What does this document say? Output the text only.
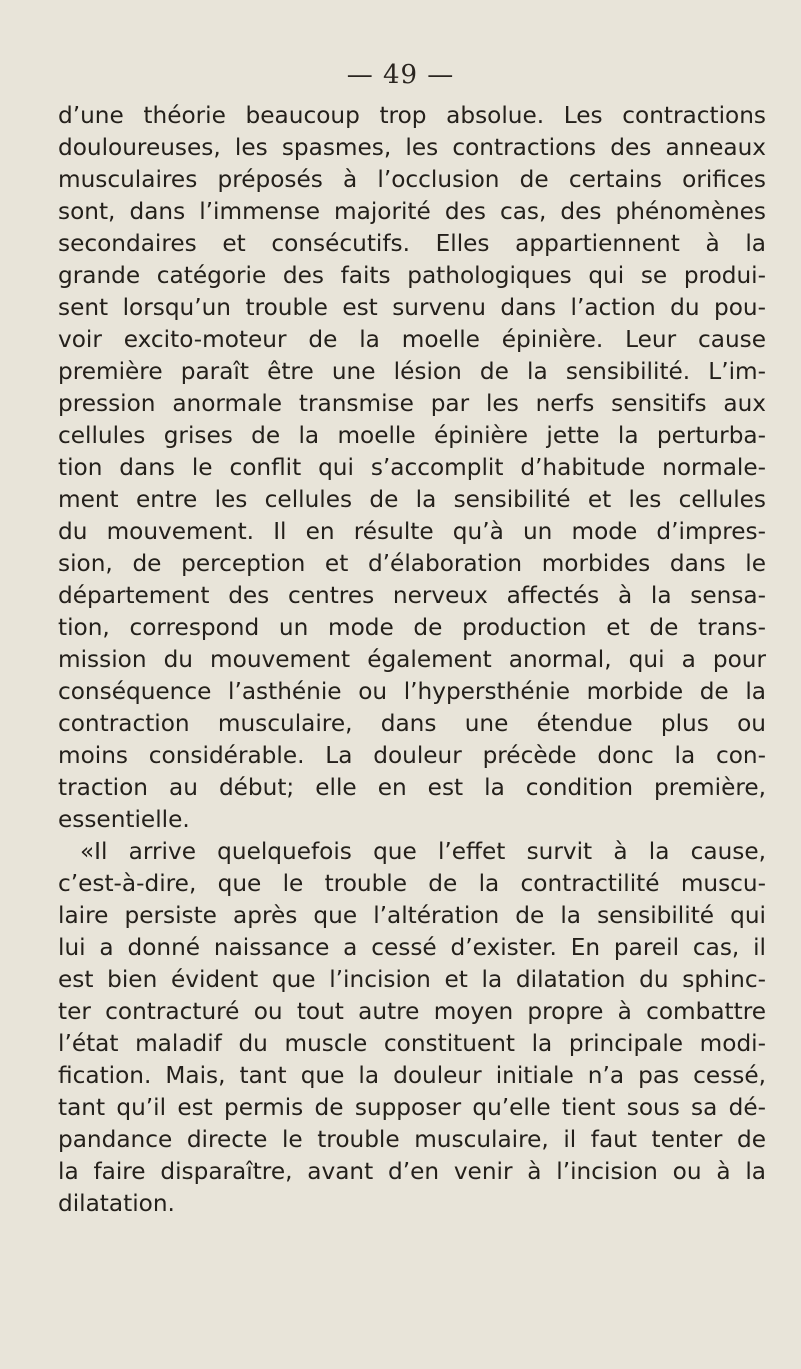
— 49 —
d’une théorie beaucoup trop absolue. Les contractions
douloureuses, les spasmes, les contractions des anneaux
musculaires préposés à l’occlusion de certains orifices
sont, dans l’immense majorité des cas, des phénomènes
secondaires et consécutifs. Elles appartiennent à la
grande catégorie des faits pathologiques qui se produi-
sent lorsqu’un trouble est survenu dans l’action du pou-
voir excito-moteur de la moelle épinière. Leur cause
première paraît être une lésion de la sensibilité. L’im-
pression anormale transmise par les nerfs sensitifs aux
cellules grises de la moelle épinière jette la perturba-
tion dans le conflit qui s’accomplit d’habitude normale-
ment entre les cellules de la sensibilité et les cellules
du mouvement. Il en résulte qu’à un mode d’impres-
sion, de perception et d’élaboration morbides dans le
département des centres nerveux affectés à la sensa-
tion, correspond un mode de production et de trans-
mission du mouvement également anormal, qui a pour
conséquence l’asthénie ou l’hypersthénie morbide de la
contraction musculaire, dans une étendue plus ou
moins considérable. La douleur précède donc la con-
traction au début; elle en est la condition première,
essentielle.
«Il arrive quelquefois que l’effet survit à la cause,
c’est-à-dire, que le trouble de la contractilité muscu-
laire persiste après que l’altération de la sensibilité qui
lui a donné naissance a cessé d’exister. En pareil cas, il
est bien évident que l’incision et la dilatation du sphinc-
ter contracturé ou tout autre moyen propre à combattre
l’état maladif du muscle constituent la principale modi-
fication. Mais, tant que la douleur initiale n’a pas cessé,
tant qu’il est permis de supposer qu’elle tient sous sa dé-
pandance directe le trouble musculaire, il faut tenter de
la faire disparaître, avant d’en venir à l’incision ou à la
dilatation.
